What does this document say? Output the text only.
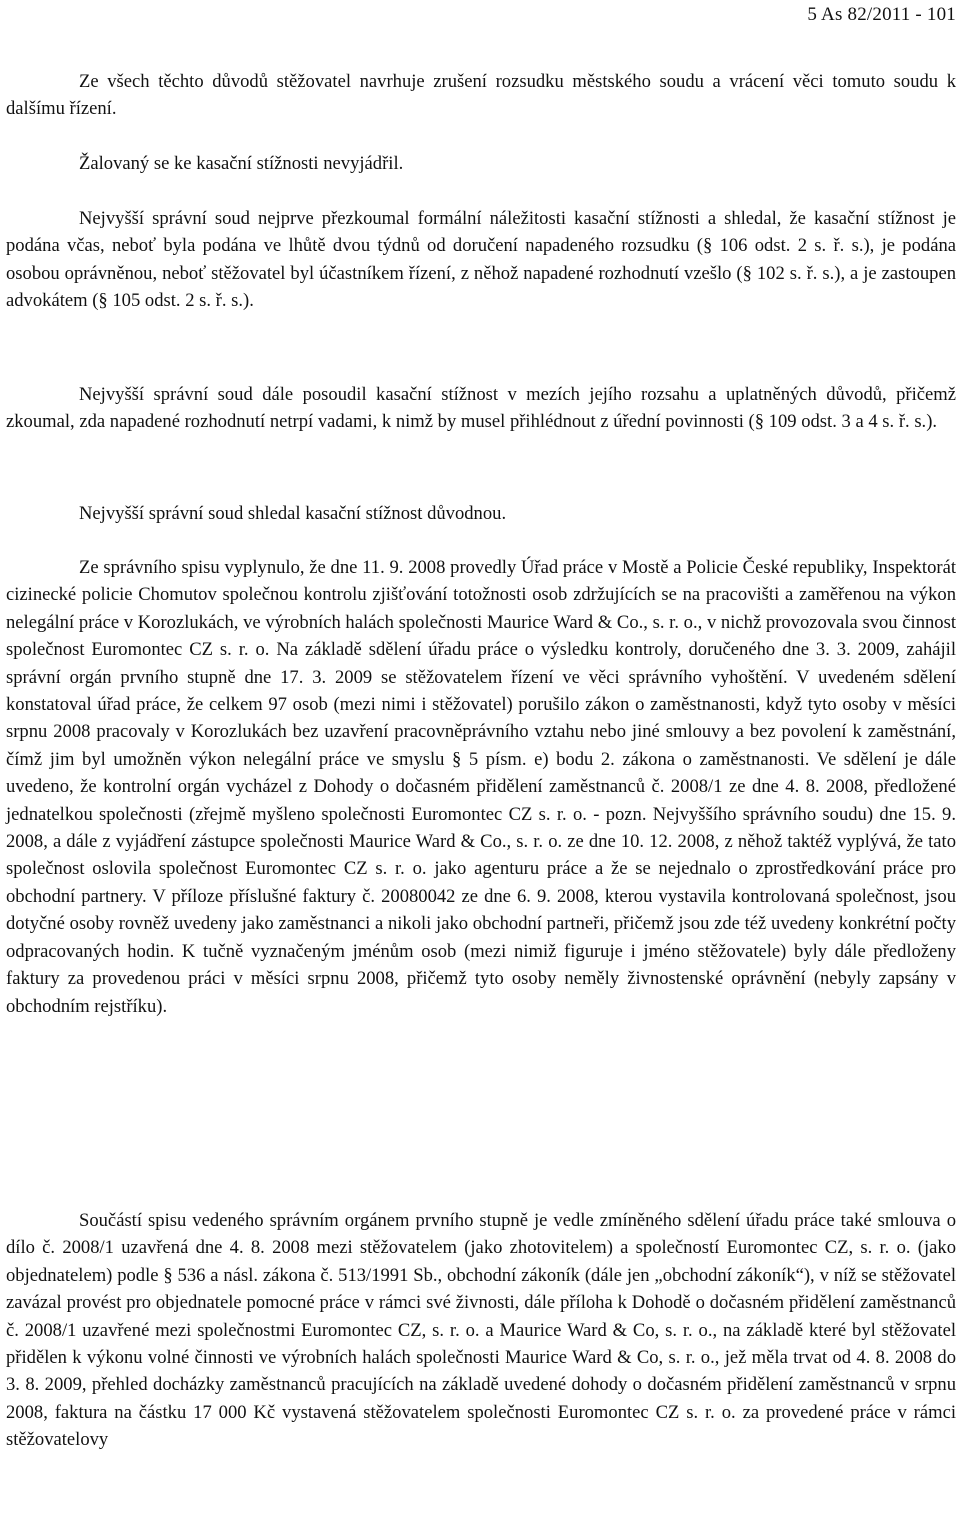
5 As 82/2011 - 101

Ze všech těchto důvodů stěžovatel navrhuje zrušení rozsudku městského soudu a vrácení věci tomuto soudu k dalšímu řízení.

Žalovaný se ke kasační stížnosti nevyjádřil.

Nejvyšší správní soud nejprve přezkoumal formální náležitosti kasační stížnosti a shledal, že kasační stížnost je podána včas, neboť byla podána ve lhůtě dvou týdnů od doručení napadeného rozsudku (§ 106 odst. 2 s. ř. s.), je podána osobou oprávněnou, neboť stěžovatel byl účastníkem řízení, z něhož napadené rozhodnutí vzešlo (§ 102 s. ř. s.), a je zastoupen advokátem (§ 105 odst. 2 s. ř. s.).

Nejvyšší správní soud dále posoudil kasační stížnost v mezích jejího rozsahu a uplatněných důvodů, přičemž zkoumal, zda napadené rozhodnutí netrpí vadami, k nimž by musel přihlédnout z úřední povinnosti (§ 109 odst. 3 a 4 s. ř. s.).

Nejvyšší správní soud shledal kasační stížnost důvodnou.

Ze správního spisu vyplynulo, že dne 11. 9. 2008 provedly Úřad práce v Mostě a Policie České republiky, Inspektorát cizinecké policie Chomutov společnou kontrolu zjišťování totožnosti osob zdržujících se na pracovišti a zaměřenou na výkon nelegální práce v Korozlukách, ve výrobních halách společnosti Maurice Ward & Co., s. r. o., v nichž provozovala svou činnost společnost Euromontec CZ s. r. o. Na základě sdělení úřadu práce o výsledku kontroly, doručeného dne 3. 3. 2009, zahájil správní orgán prvního stupně dne 17. 3. 2009 se stěžovatelem řízení ve věci správního vyhoštění. V uvedeném sdělení konstatoval úřad práce, že celkem 97 osob (mezi nimi i stěžovatel) porušilo zákon o zaměstnanosti, když tyto osoby v měsíci srpnu 2008 pracovaly v Korozlukách bez uzavření pracovněprávního vztahu nebo jiné smlouvy a bez povolení k zaměstnání, čímž jim byl umožněn výkon nelegální práce ve smyslu § 5 písm. e) bodu 2. zákona o zaměstnanosti. Ve sdělení je dále uvedeno, že kontrolní orgán vycházel z Dohody o dočasném přidělení zaměstnanců č. 2008/1 ze dne 4. 8. 2008, předložené jednatelkou společnosti (zřejmě myšleno společnosti Euromontec CZ s. r. o. - pozn. Nejvyššího správního soudu) dne 15. 9. 2008, a dále z vyjádření zástupce společnosti Maurice Ward & Co., s. r. o. ze dne 10. 12. 2008, z něhož taktéž vyplývá, že tato společnost oslovila společnost Euromontec CZ s. r. o. jako agenturu práce a že se nejednalo o zprostředkování práce pro obchodní partnery. V příloze příslušné faktury č. 20080042 ze dne 6. 9. 2008, kterou vystavila kontrolovaná společnost, jsou dotyčné osoby rovněž uvedeny jako zaměstnanci a nikoli jako obchodní partneři, přičemž jsou zde též uvedeny konkrétní počty odpracovaných hodin. K tučně vyznačeným jménům osob (mezi nimiž figuruje i jméno stěžovatele) byly dále předloženy faktury za provedenou práci v měsíci srpnu 2008, přičemž tyto osoby neměly živnostenské oprávnění (nebyly zapsány v obchodním rejstříku).

Součástí spisu vedeného správním orgánem prvního stupně je vedle zmíněného sdělení úřadu práce také smlouva o dílo č. 2008/1 uzavřená dne 4. 8. 2008 mezi stěžovatelem (jako zhotovitelem) a společností Euromontec CZ, s. r. o. (jako objednatelem) podle § 536 a násl. zákona č. 513/1991 Sb., obchodní zákoník (dále jen „obchodní zákoník“), v níž se stěžovatel zavázal provést pro objednatele pomocné práce v rámci své živnosti, dále příloha k Dohodě o dočasném přidělení zaměstnanců č. 2008/1 uzavřené mezi společnostmi Euromontec CZ, s. r. o. a Maurice Ward & Co, s. r. o., na základě které byl stěžovatel přidělen k výkonu volné činnosti ve výrobních halách společnosti Maurice Ward & Co, s. r. o., jež měla trvat od 4. 8. 2008 do 3. 8. 2009, přehled docházky zaměstnanců pracujících na základě uvedené dohody o dočasném přidělení zaměstnanců v srpnu 2008, faktura na částku 17 000 Kč vystavená stěžovatelem společnosti Euromontec CZ s. r. o. za provedené práce v rámci stěžovatelovy
